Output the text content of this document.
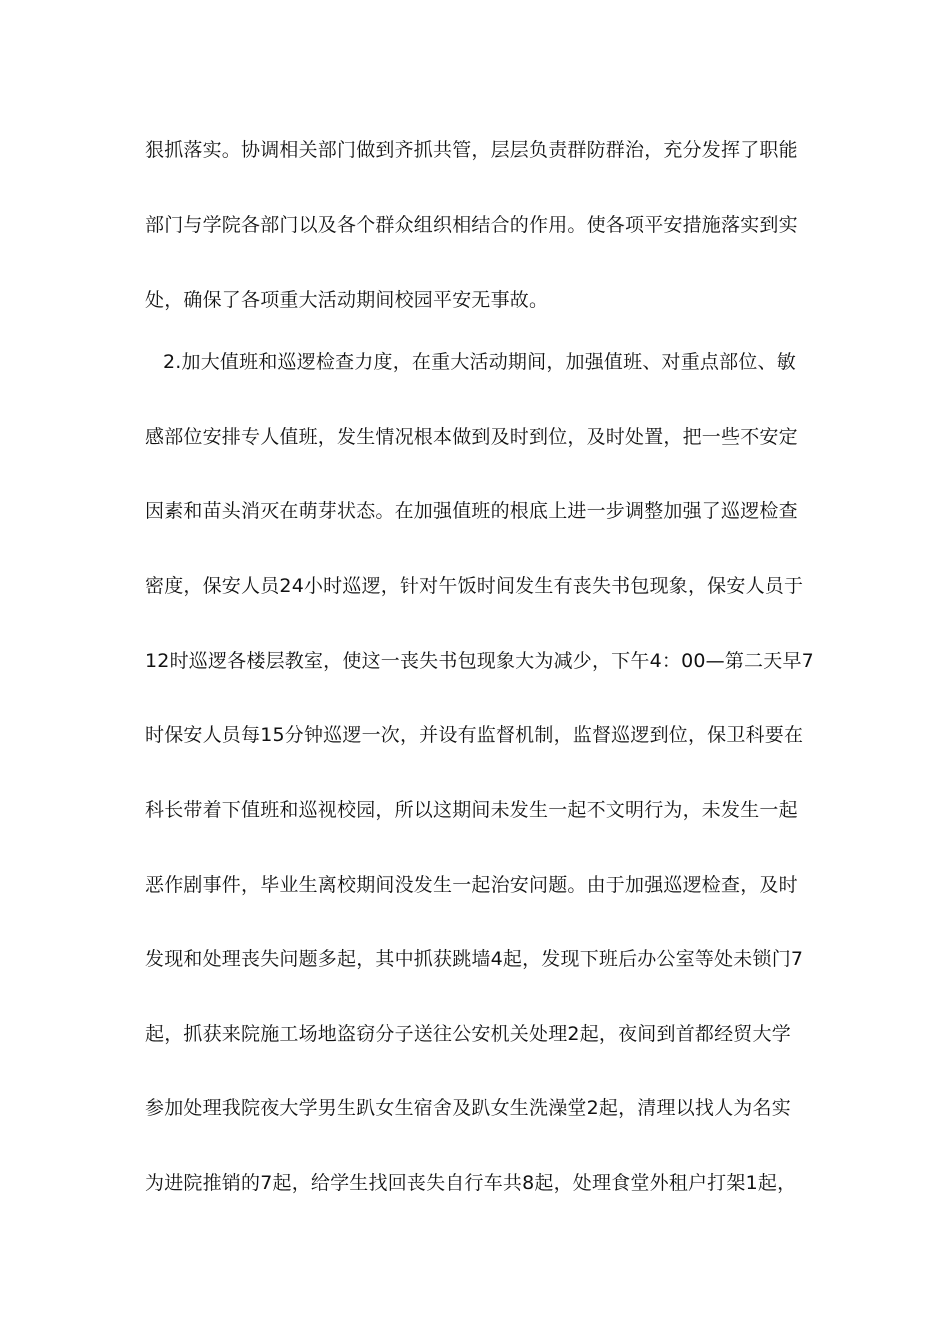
狠抓落实。协调相关部门做到齐抓共管，层层负责群防群治，充分发挥了职能
部门与学院各部门以及各个群众组织相结合的作用。使各项平安措施落实到实
处，确保了各项重大活动期间校园平安无事故。
2.加大值班和巡逻检查力度，在重大活动期间，加强值班、对重点部位、敏
感部位安排专人值班，发生情况根本做到及时到位，及时处置，把一些不安定
因素和苗头消灭在萌芽状态。在加强值班的根底上进一步调整加强了巡逻检查
密度，保安人员24小时巡逻，针对午饭时间发生有丧失书包现象，保安人员于
12时巡逻各楼层教室，使这一丧失书包现象大为减少，下午4：00—第二天早7
时保安人员每15分钟巡逻一次，并设有监督机制，监督巡逻到位，保卫科要在
科长带着下值班和巡视校园，所以这期间未发生一起不文明行为，未发生一起
恶作剧事件，毕业生离校期间没发生一起治安问题。由于加强巡逻检查，及时
发现和处理丧失问题多起，其中抓获跳墙4起，发现下班后办公室等处未锁门7
起，抓获来院施工场地盗窃分子送往公安机关处理2起，夜间到首都经贸大学
参加处理我院夜大学男生趴女生宿舍及趴女生洗澡堂2起，清理以找人为名实
为进院推销的7起，给学生找回丧失自行车共8起，处理食堂外租户打架1起，
